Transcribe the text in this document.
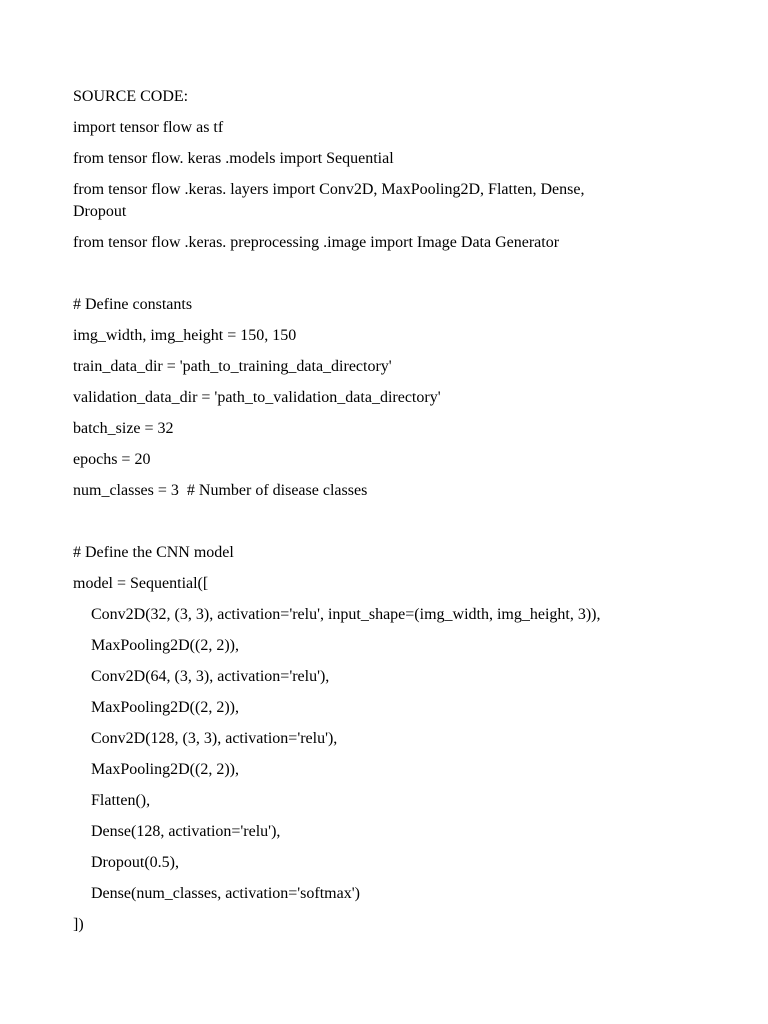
SOURCE CODE:
import tensor flow as tf
from tensor flow. keras .models import Sequential
from tensor flow .keras. layers import Conv2D, MaxPooling2D, Flatten, Dense,
Dropout
from tensor flow .keras. preprocessing .image import Image Data Generator
# Define constants
img_width, img_height = 150, 150
train_data_dir = 'path_to_training_data_directory'
validation_data_dir = 'path_to_validation_data_directory'
batch_size = 32
epochs = 20
num_classes = 3  # Number of disease classes
# Define the CNN model
model = Sequential([
Conv2D(32, (3, 3), activation='relu', input_shape=(img_width, img_height, 3)),
MaxPooling2D((2, 2)),
Conv2D(64, (3, 3), activation='relu'),
MaxPooling2D((2, 2)),
Conv2D(128, (3, 3), activation='relu'),
MaxPooling2D((2, 2)),
Flatten(),
Dense(128, activation='relu'),
Dropout(0.5),
Dense(num_classes, activation='softmax')
])
